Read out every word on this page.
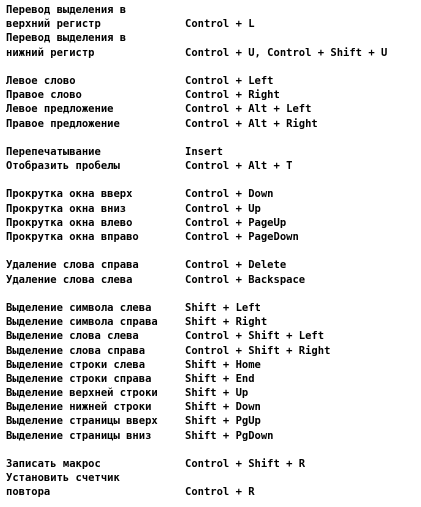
Перевод выделения в
верхний регистр	Control + L
Перевод выделения в
нижний регистр	Control + U, Control + Shift + U
Левое слово	Control + Left
Правое слово	Control + Right
Левое предложение	Control + Alt + Left
Правое предложение	Control + Alt + Right
Перепечатывание	Insert
Отобразить пробелы	Control + Alt + T
Прокрутка окна вверх	Control + Down
Прокрутка окна вниз	Control + Up
Прокрутка окна влево	Control + PageUp
Прокрутка окна вправо	Control + PageDown
Удаление слова справа	Control + Delete
Удаление слова слева	Control + Backspace
Выделение символа слева	Shift + Left
Выделение символа справа	Shift + Right
Выделение слова слева	Control + Shift + Left
Выделение слова справа	Control + Shift + Right
Выделение строки слева	Shift + Home
Выделение строки справа	Shift + End
Выделение верхней строки	Shift + Up
Выделение нижней строки	Shift + Down
Выделение страницы вверх	Shift + PgUp
Выделение страницы вниз	Shift + PgDown
Записать макрос	Control + Shift + R
Установить счетчик
повтора	Control + R
